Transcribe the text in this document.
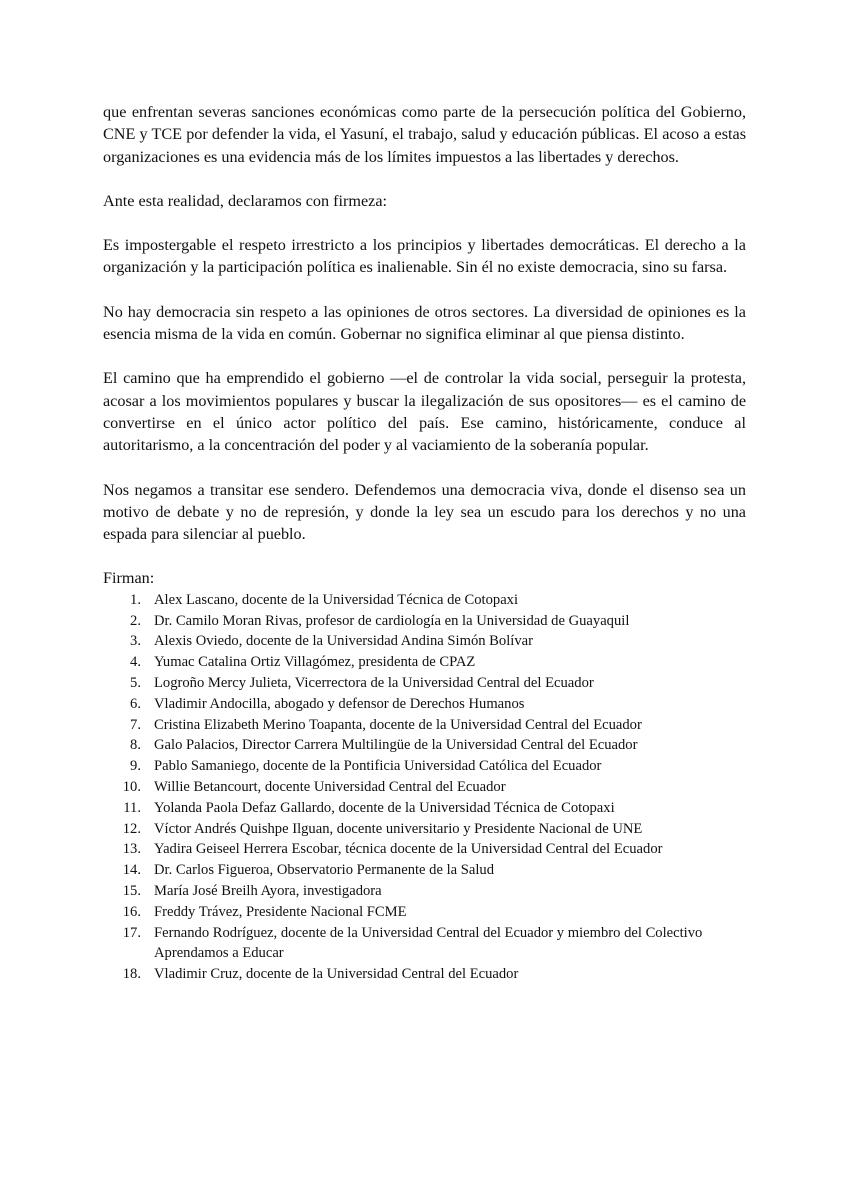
que enfrentan severas sanciones económicas como parte de la persecución política del Gobierno, CNE y TCE por defender la vida, el Yasuní, el trabajo, salud y educación públicas. El acoso a estas organizaciones es una evidencia más de los límites impuestos a las libertades y derechos.

Ante esta realidad, declaramos con firmeza:

Es impostergable el respeto irrestricto a los principios y libertades democráticas. El derecho a la organización y la participación política es inalienable. Sin él no existe democracia, sino su farsa.

No hay democracia sin respeto a las opiniones de otros sectores. La diversidad de opiniones es la esencia misma de la vida en común. Gobernar no significa eliminar al que piensa distinto.

El camino que ha emprendido el gobierno —el de controlar la vida social, perseguir la protesta, acosar a los movimientos populares y buscar la ilegalización de sus opositores— es el camino de convertirse en el único actor político del país. Ese camino, históricamente, conduce al autoritarismo, a la concentración del poder y al vaciamiento de la soberanía popular.

Nos negamos a transitar ese sendero. Defendemos una democracia viva, donde el disenso sea un motivo de debate y no de represión, y donde la ley sea un escudo para los derechos y no una espada para silenciar al pueblo.

Firman:

1. Alex Lascano, docente de la Universidad Técnica de Cotopaxi
2. Dr. Camilo Moran Rivas, profesor de cardiología en la Universidad de Guayaquil
3. Alexis Oviedo, docente de la Universidad Andina Simón Bolívar
4. Yumac Catalina Ortiz Villagómez, presidenta de CPAZ
5. Logroño Mercy Julieta, Vicerrectora de la Universidad Central del Ecuador
6. Vladimir Andocilla, abogado y defensor de Derechos Humanos
7. Cristina Elizabeth Merino Toapanta, docente de la Universidad Central del Ecuador
8. Galo Palacios, Director Carrera Multilingüe de la Universidad Central del Ecuador
9. Pablo Samaniego, docente de la Pontificia Universidad Católica del Ecuador
10. Willie Betancourt, docente Universidad Central del Ecuador
11. Yolanda Paola Defaz Gallardo, docente de la Universidad Técnica de Cotopaxi
12. Víctor Andrés Quishpe Ilguan, docente universitario y Presidente Nacional de UNE
13. Yadira Geiseel Herrera Escobar, técnica docente de la Universidad Central del Ecuador
14. Dr. Carlos Figueroa, Observatorio Permanente de la Salud
15. María José Breilh Ayora, investigadora
16. Freddy Trávez, Presidente Nacional FCME
17. Fernando Rodríguez, docente de la Universidad Central del Ecuador y miembro del Colectivo Aprendamos a Educar
18. Vladimir Cruz, docente de la Universidad Central del Ecuador
